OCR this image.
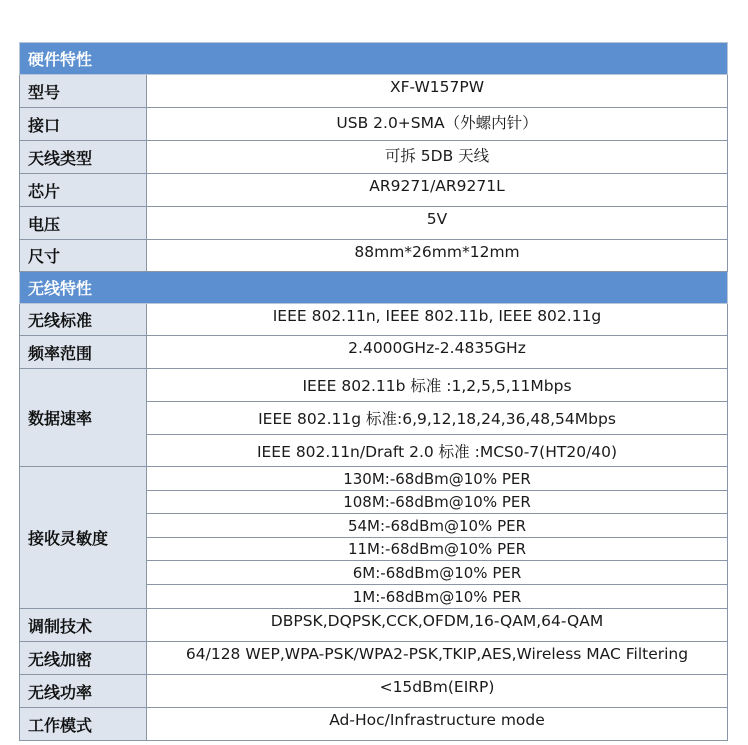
硬件特性	
型号	XF-W157PW
接口	USB 2.0+SMA（外螺内针）
天线类型	可拆 5DB 天线
芯片	AR9271/AR9271L
电压	5V
尺寸	88mm*26mm*12mm
无线特性	
无线标准	IEEE 802.11n, IEEE 802.11b, IEEE 802.11g
频率范围	2.4000GHz-2.4835GHz
数据速率	IEEE 802.11b 标准 :1,2,5,5,11Mbps
	IEEE 802.11g 标准:6,9,12,18,24,36,48,54Mbps
	IEEE 802.11n/Draft 2.0 标准 :MCS0-7(HT20/40)
接收灵敏度	130M:-68dBm@10% PER
	108M:-68dBm@10% PER
	54M:-68dBm@10% PER
	11M:-68dBm@10% PER
	6M:-68dBm@10% PER
	1M:-68dBm@10% PER
调制技术	DBPSK,DQPSK,CCK,OFDM,16-QAM,64-QAM
无线加密	64/128 WEP,WPA-PSK/WPA2-PSK,TKIP,AES,Wireless MAC Filtering
无线功率	<15dBm(EIRP)
工作模式	Ad-Hoc/Infrastructure mode
